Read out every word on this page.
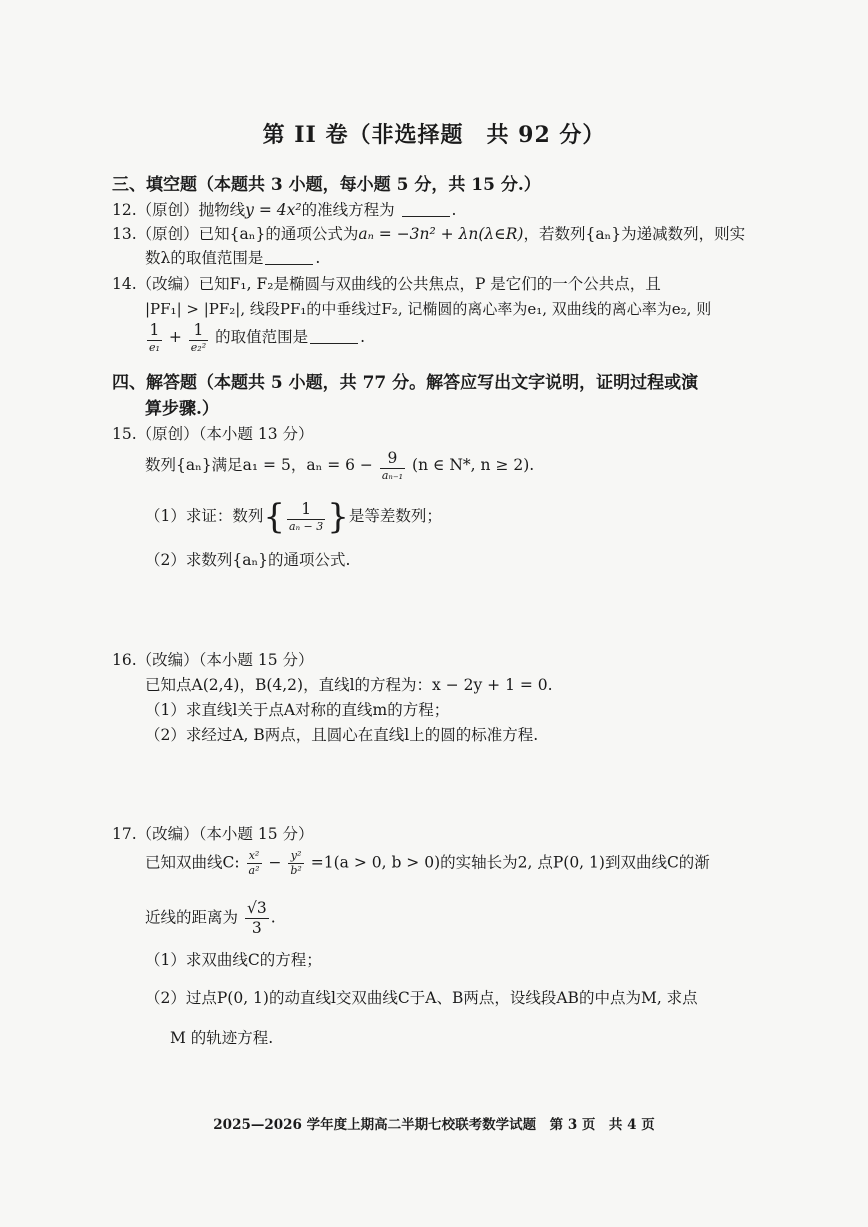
第 II 卷（非选择题　共 92 分）
三、填空题（本题共 3 小题，每小题 5 分，共 15 分.）
12.（原创）抛物线y = 4x²的准线方程为	.
13.（原创）已知{aₙ}的通项公式为aₙ = −3n² + λn(λ∈R)，若数列{aₙ}为递减数列，则实
数λ的取值范围是	.
14.（改编）已知F₁, F₂是椭圆与双曲线的公共焦点，P 是它们的一个公共点，且
|PF₁| > |PF₂|, 线段PF₁的中垂线过F₂, 记椭圆的离心率为e₁, 双曲线的离心率为e₂, 则
$\frac{1}{\text{e₁}} + \frac{1}{\text{e₂²}}$ 的取值范围是	.
四、解答题（本题共 5 小题，共 77 分。解答应写出文字说明，证明过程或演
算步骤.）
15.（原创）（本小题 13 分）
数列{aₙ}满足a₁ = 5，$a_n = 6 - \frac{9}{\text{aₙ₋₁}} (n$ ∈ N*, n ≥ 2).
（1）求证：数列{ $\frac{1}{\text{aₙ − 3}}$ }是等差数列；
（2）求数列{aₙ}的通项公式.
16.（改编）（本小题 15 分）
已知点A(2,4)，B(4,2)，直线l的方程为：x − 2y + 1 = 0.
（1）求直线l关于点A对称的直线m的方程；
（2）求经过A, B两点，且圆心在直线l上的圆的标准方程.
17.（改编）（本小题 15 分）
已知双曲线C: $\frac{\text{x²}}{\text{a²}} - \frac{\text{y²}}{\text{b²}} =1(a > 0$, b > 0)的实轴长为2, 点P(0, 1)到双曲线C的渐
近线的距离为 $\frac{√3}{3}$ .
（1）求双曲线C的方程；
（2）过点P(0, 1)的动直线l交双曲线C于A、B两点，设线段AB的中点为M, 求点
M 的轨迹方程.
2025—2026 学年度上期高二半期七校联考数学试题　第 3 页　共 4 页
